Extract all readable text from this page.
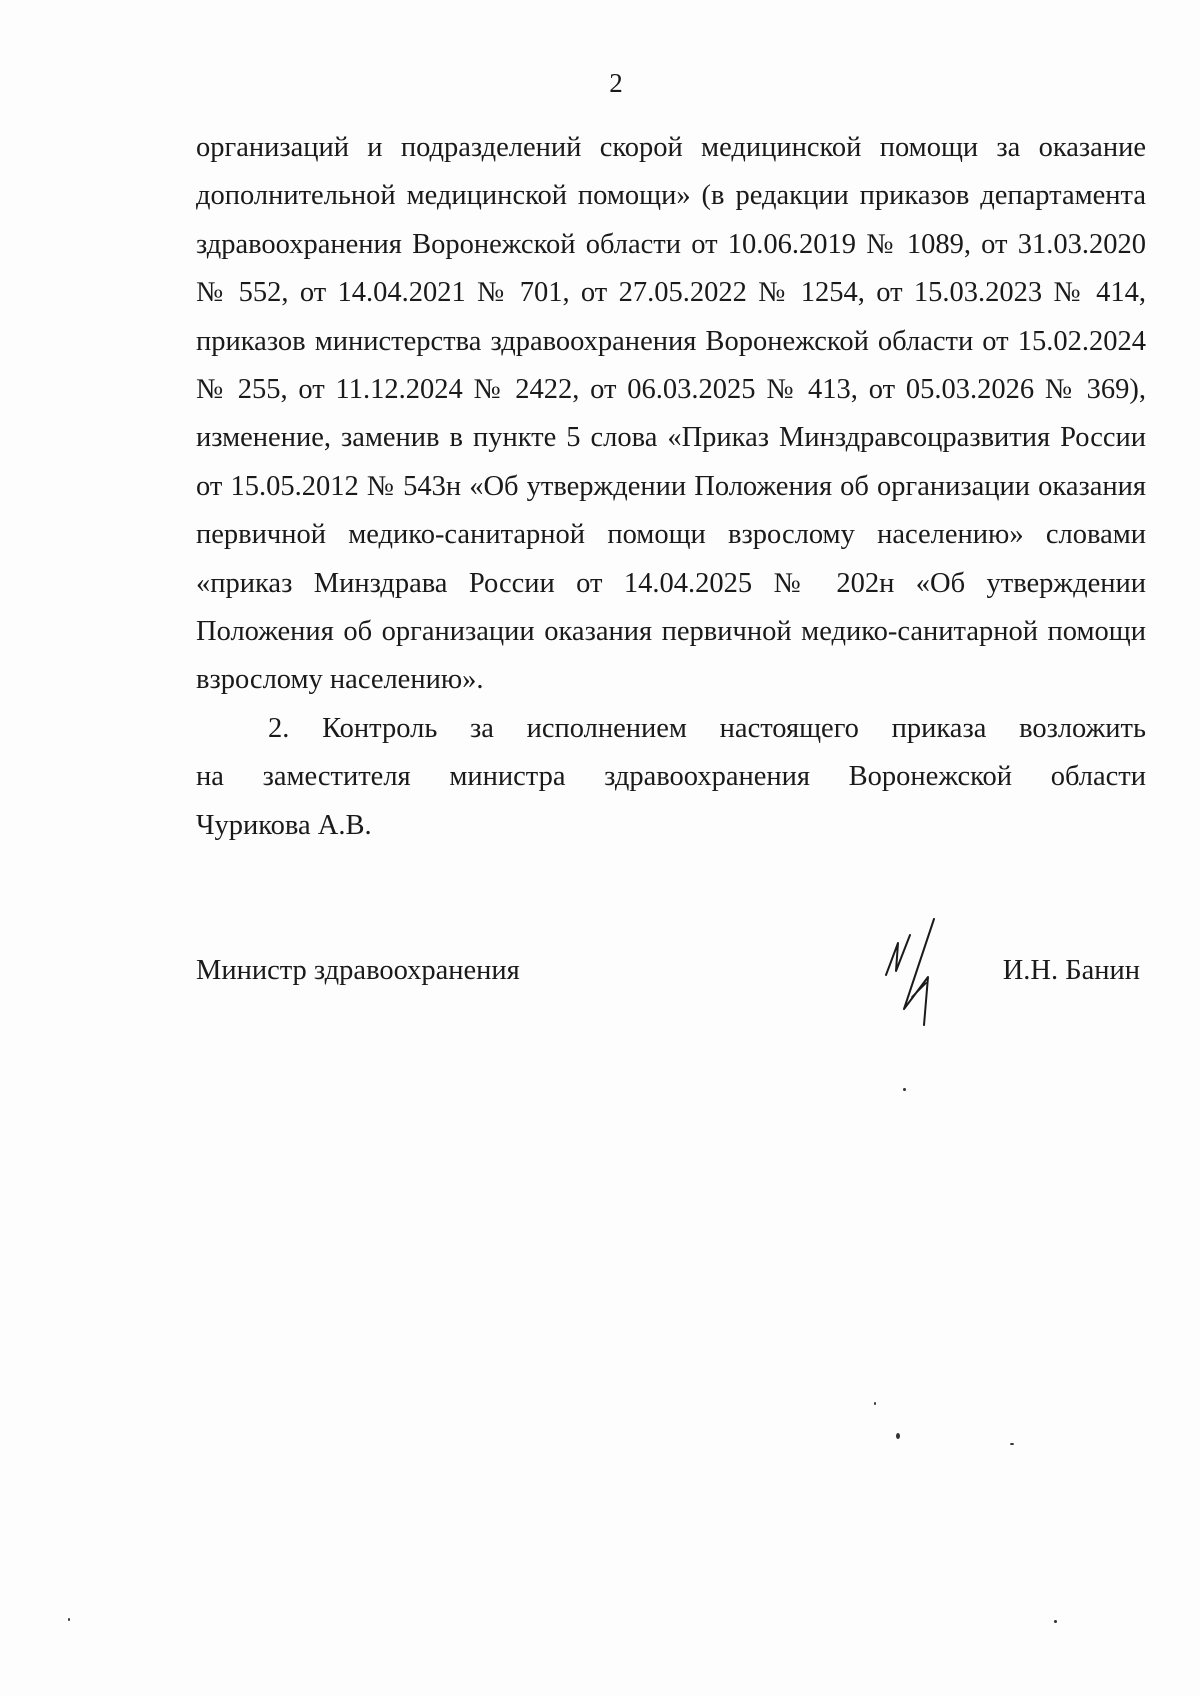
2
организаций и подразделений скорой медицинской помощи за оказание
дополнительной медицинской помощи» (в редакции приказов департамента
здравоохранения Воронежской области от 10.06.2019 № 1089, от 31.03.2020
№ 552, от 14.04.2021 № 701, от 27.05.2022 № 1254, от 15.03.2023 № 414,
приказов министерства здравоохранения Воронежской области от 15.02.2024
№ 255, от 11.12.2024 № 2422, от 06.03.2025 № 413, от 05.03.2026 № 369),
изменение, заменив в пункте 5 слова «Приказ Минздравсоцразвития России
от 15.05.2012 № 543н «Об утверждении Положения об организации оказания
первичной медико-санитарной помощи взрослому населению» словами
«приказ Минздрава России от 14.04.2025 № 202н «Об утверждении
Положения об организации оказания первичной медико-санитарной помощи
взрослому населению».
2. Контроль за исполнением настоящего приказа возложить
на заместителя министра здравоохранения Воронежской области
Чурикова А.В.
Министр здравоохранения	И.Н. Банин
